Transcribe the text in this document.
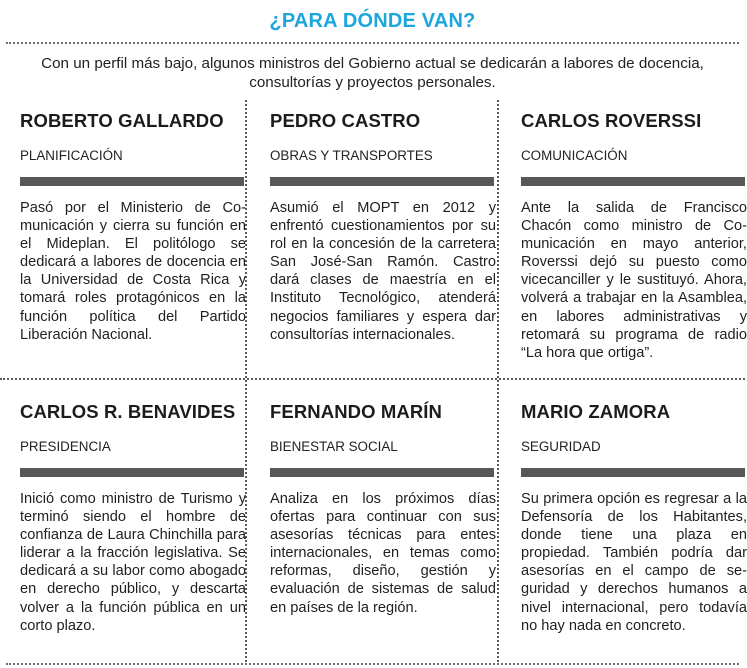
¿PARA DÓNDE VAN?
Con un perfil más bajo, algunos ministros del Gobierno actual se dedicarán a labores de docencia, consultorías y proyectos personales.
ROBERTO GALLARDO
PLANIFICACIÓN
Pasó por el Ministerio de Comunicación y cierra su función en el Mideplan. El politólogo se dedicará a labores de docencia en la Universidad de Costa Rica y tomará roles protagónicos en la función política del Partido Liberación Nacional.
PEDRO CASTRO
OBRAS Y TRANSPORTES
Asumió el MOPT en 2012 y enfrentó cuestionamientos por su rol en la concesión de la carretera San José-San Ramón. Castro dará clases de maestría en el Instituto Tecnológico, atenderá negocios familiares y espera dar consultorías internacionales.
CARLOS ROVERSSI
COMUNICACIÓN
Ante la salida de Francisco Chacón como ministro de Comunicación en mayo anterior, Roverssi dejó su puesto como vicecanciller y le sustituyó. Ahora, volverá a trabajar en la Asamblea, en labores administrativas y retomará su programa de radio “La hora que ortiga”.
CARLOS R. BENAVIDES
PRESIDENCIA
Inició como ministro de Turismo y terminó siendo el hombre de confianza de Laura Chinchilla para liderar a la fracción legislativa. Se dedicará a su labor como abogado en derecho público, y descarta volver a la función pública en un corto plazo.
FERNANDO MARÍN
BIENESTAR SOCIAL
Analiza en los próximos días ofertas para continuar con sus asesorías técnicas para entes internacionales, en temas como reformas, diseño, gestión y evaluación de sistemas de salud en países de la región.
MARIO ZAMORA
SEGURIDAD
Su primera opción es regresar a la Defensoría de los Habitantes, donde tiene una plaza en propiedad. También podría dar asesorías en el campo de seguridad y derechos humanos a nivel internacional, pero todavía no hay nada en concreto.
